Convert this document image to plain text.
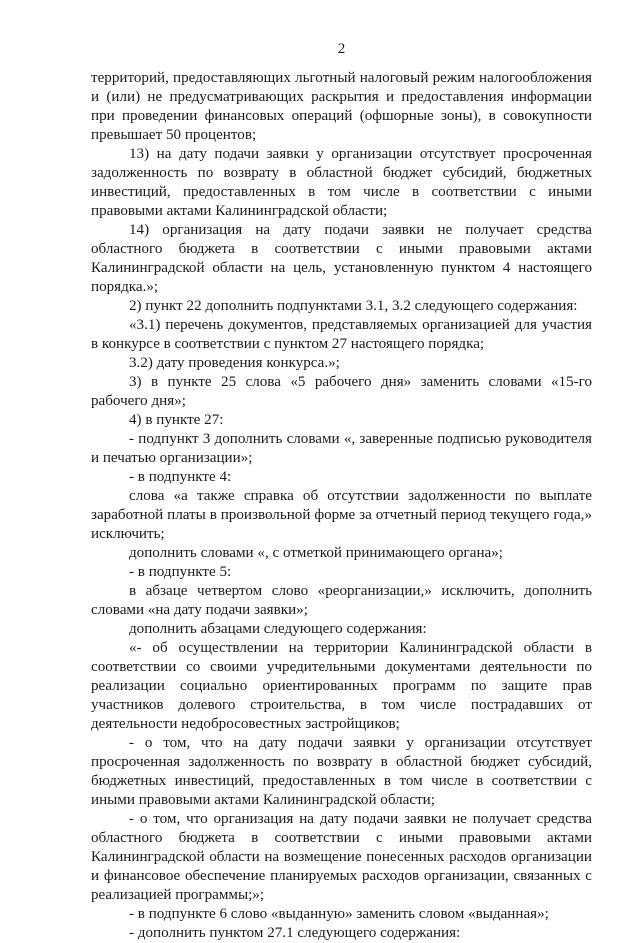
2

территорий, предоставляющих льготный налоговый режим налогообложения и (или) не предусматривающих раскрытия и предоставления информации при проведении финансовых операций (офшорные зоны), в совокупности превышает 50 процентов;

13) на дату подачи заявки у организации отсутствует просроченная задолженность по возврату в областной бюджет субсидий, бюджетных инвестиций, предоставленных в том числе в соответствии с иными правовыми актами Калининградской области;

14) организация на дату подачи заявки не получает средства областного бюджета в соответствии с иными правовыми актами Калининградской области на цель, установленную пунктом 4 настоящего порядка.»;

2) пункт 22 дополнить подпунктами 3.1, 3.2 следующего содержания:

«3.1) перечень документов, представляемых организацией для участия в конкурсе в соответствии с пунктом 27 настоящего порядка;

3.2) дату проведения конкурса.»;

3) в пункте 25 слова «5 рабочего дня» заменить словами «15-го рабочего дня»;

4) в пункте 27:

- подпункт 3 дополнить словами «, заверенные подписью руководителя и печатью организации»;

- в подпункте 4:

слова «а также справка об отсутствии задолженности по выплате заработной платы в произвольной форме за отчетный период текущего года,» исключить;

дополнить словами «, с отметкой принимающего органа»;

- в подпункте 5:

в абзаце четвертом слово «реорганизации,» исключить, дополнить словами «на дату подачи заявки»;

дополнить абзацами следующего содержания:

«- об осуществлении на территории Калининградской области в соответствии со своими учредительными документами деятельности по реализации социально ориентированных программ по защите прав участников долевого строительства, в том числе пострадавших от деятельности недобросовестных застройщиков;

- о том, что на дату подачи заявки у организации отсутствует просроченная задолженность по возврату в областной бюджет субсидий, бюджетных инвестиций, предоставленных в том числе в соответствии с иными правовыми актами Калининградской области;

- о том, что организация на дату подачи заявки не получает средства областного бюджета в соответствии с иными правовыми актами Калининградской области на возмещение понесенных расходов организации и финансовое обеспечение планируемых расходов организации, связанных с реализацией программы;»;

- в подпункте 6 слово «выданную» заменить словом «выданная»;

- дополнить пунктом 27.1 следующего содержания:
